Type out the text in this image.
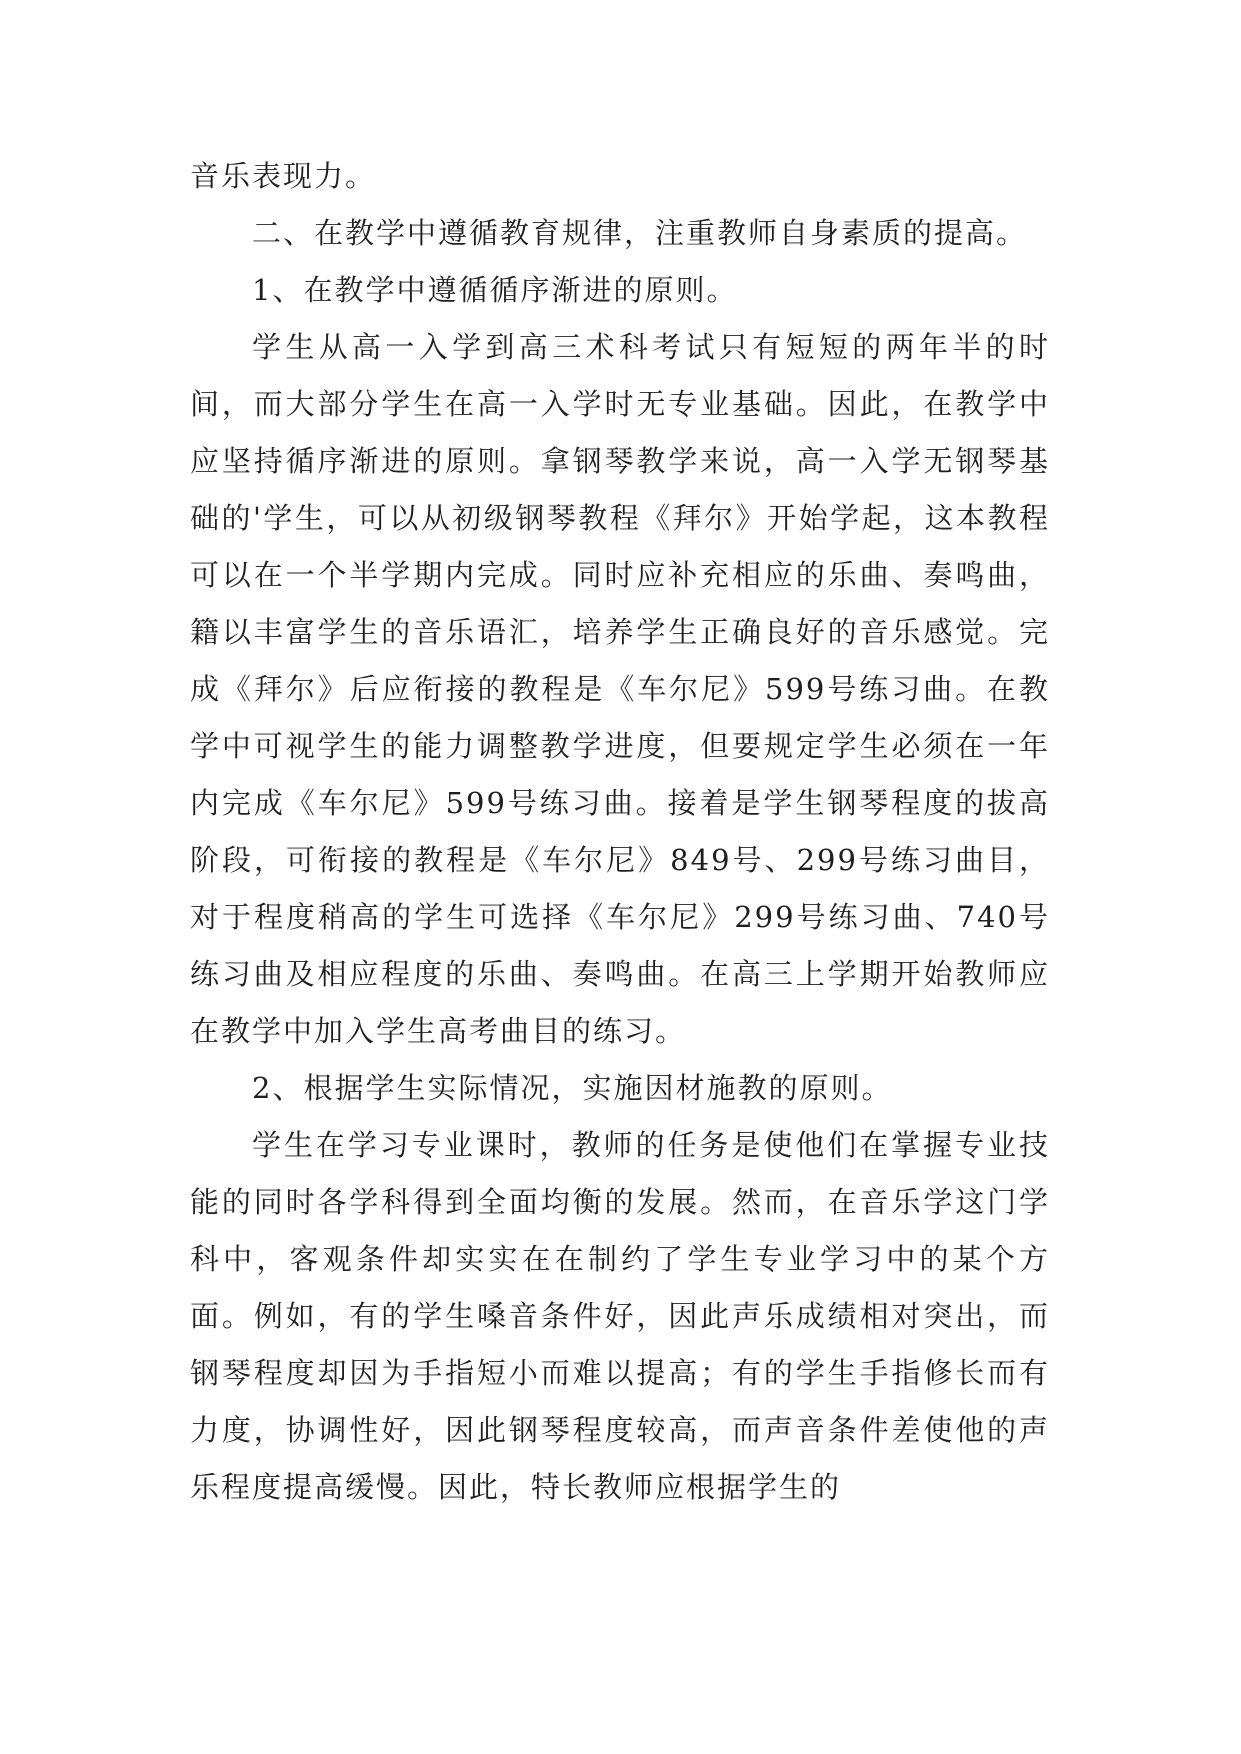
音乐表现力。

二、在教学中遵循教育规律，注重教师自身素质的提高。

1、在教学中遵循循序渐进的原则。

学生从高一入学到高三术科考试只有短短的两年半的时间，而大部分学生在高一入学时无专业基础。因此，在教学中应坚持循序渐进的原则。拿钢琴教学来说，高一入学无钢琴基础的'学生，可以从初级钢琴教程《拜尔》开始学起，这本教程可以在一个半学期内完成。同时应补充相应的乐曲、奏鸣曲，籍以丰富学生的音乐语汇，培养学生正确良好的音乐感觉。完成《拜尔》后应衔接的教程是《车尔尼》599号练习曲。在教学中可视学生的能力调整教学进度，但要规定学生必须在一年内完成《车尔尼》599号练习曲。接着是学生钢琴程度的拔高阶段，可衔接的教程是《车尔尼》849号、299号练习曲目，对于程度稍高的学生可选择《车尔尼》299号练习曲、740号练习曲及相应程度的乐曲、奏鸣曲。在高三上学期开始教师应在教学中加入学生高考曲目的练习。

2、根据学生实际情况，实施因材施教的原则。

学生在学习专业课时，教师的任务是使他们在掌握专业技能的同时各学科得到全面均衡的发展。然而，在音乐学这门学科中，客观条件却实实在在制约了学生专业学习中的某个方面。例如，有的学生嗓音条件好，因此声乐成绩相对突出，而钢琴程度却因为手指短小而难以提高；有的学生手指修长而有力度，协调性好，因此钢琴程度较高，而声音条件差使他的声乐程度提高缓慢。因此，特长教师应根据学生的
